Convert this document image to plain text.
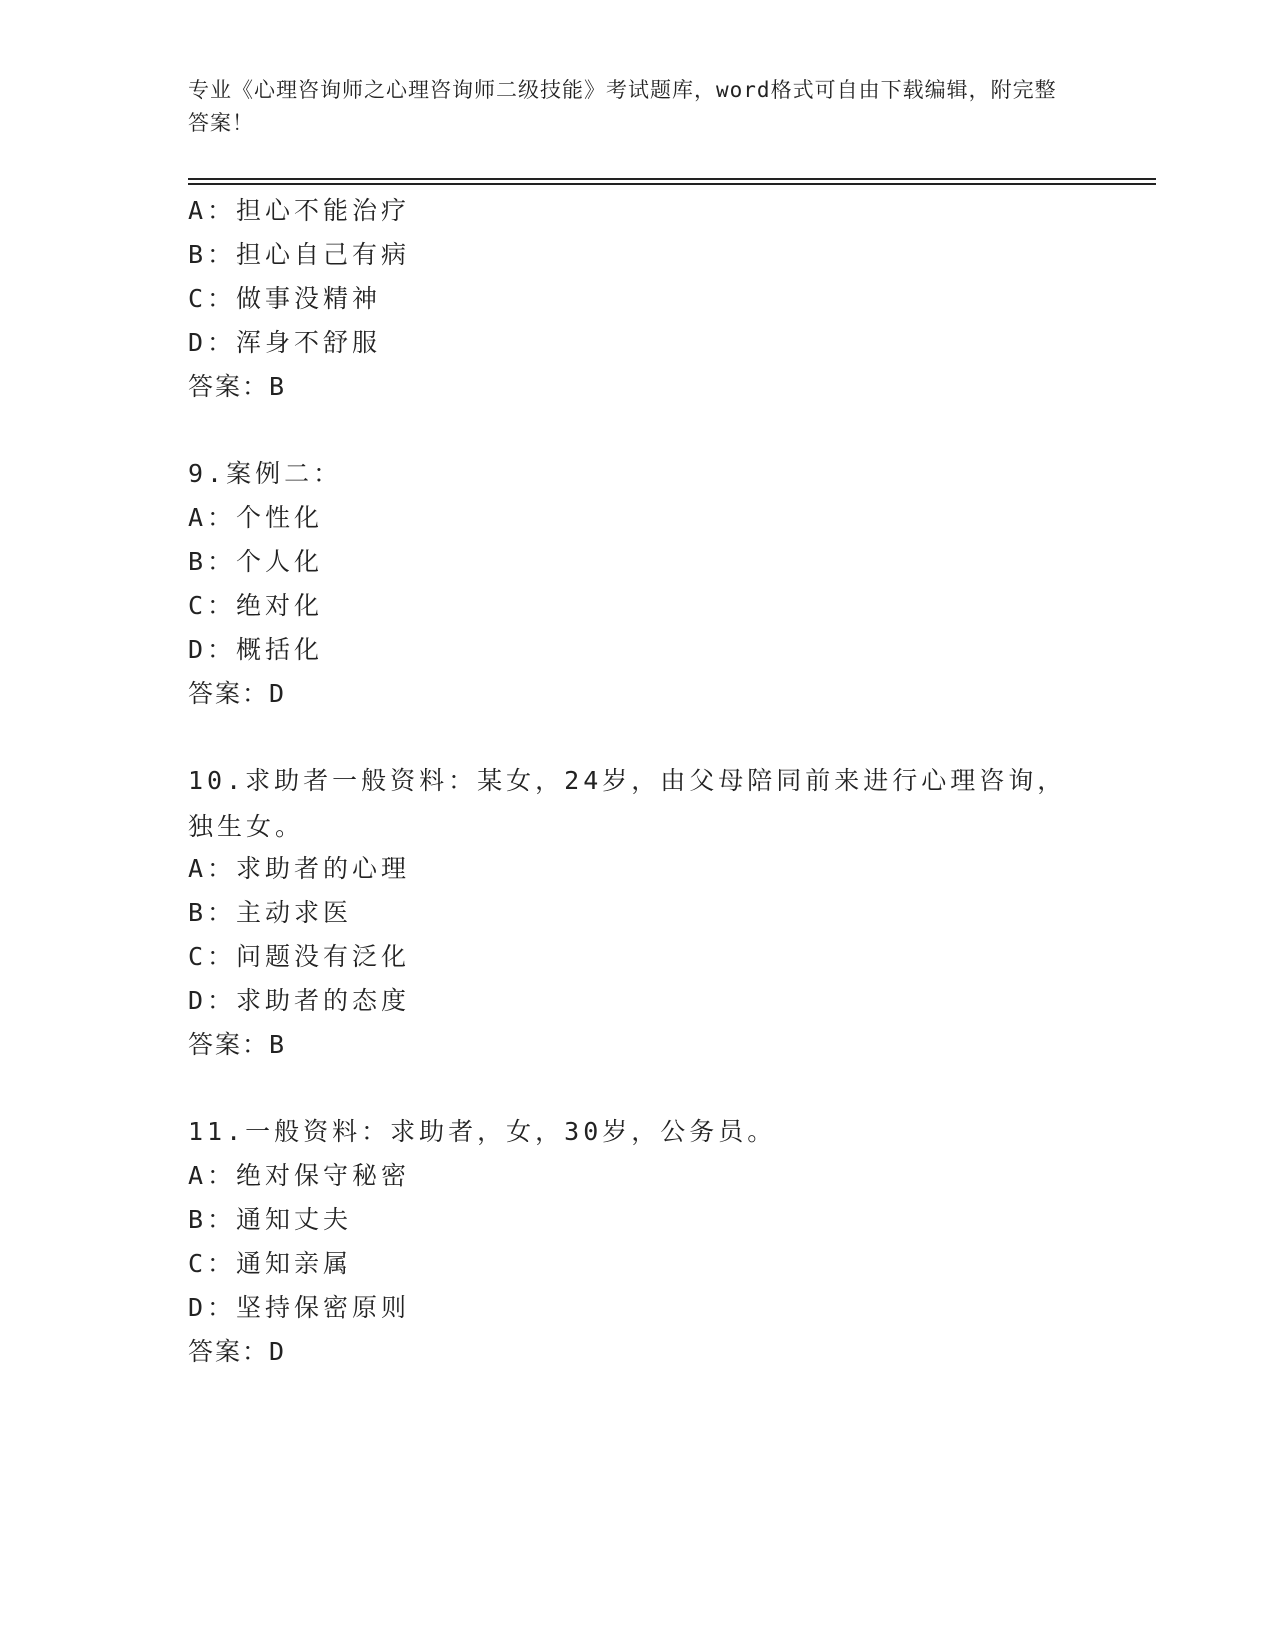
专业《心理咨询师之心理咨询师二级技能》考试题库，word格式可自由下载编辑，附完整答案！
A：担心不能治疗
B：担心自己有病
C：做事没精神
D：浑身不舒服
答案：B
9.案例二：
A：个性化
B：个人化
C：绝对化
D：概括化
答案：D
10.求助者一般资料：某女，24岁，由父母陪同前来进行心理咨询，独生女。
A：求助者的心理
B：主动求医
C：问题没有泛化
D：求助者的态度
答案：B
11.一般资料：求助者，女，30岁，公务员。
A：绝对保守秘密
B：通知丈夫
C：通知亲属
D：坚持保密原则
答案：D
